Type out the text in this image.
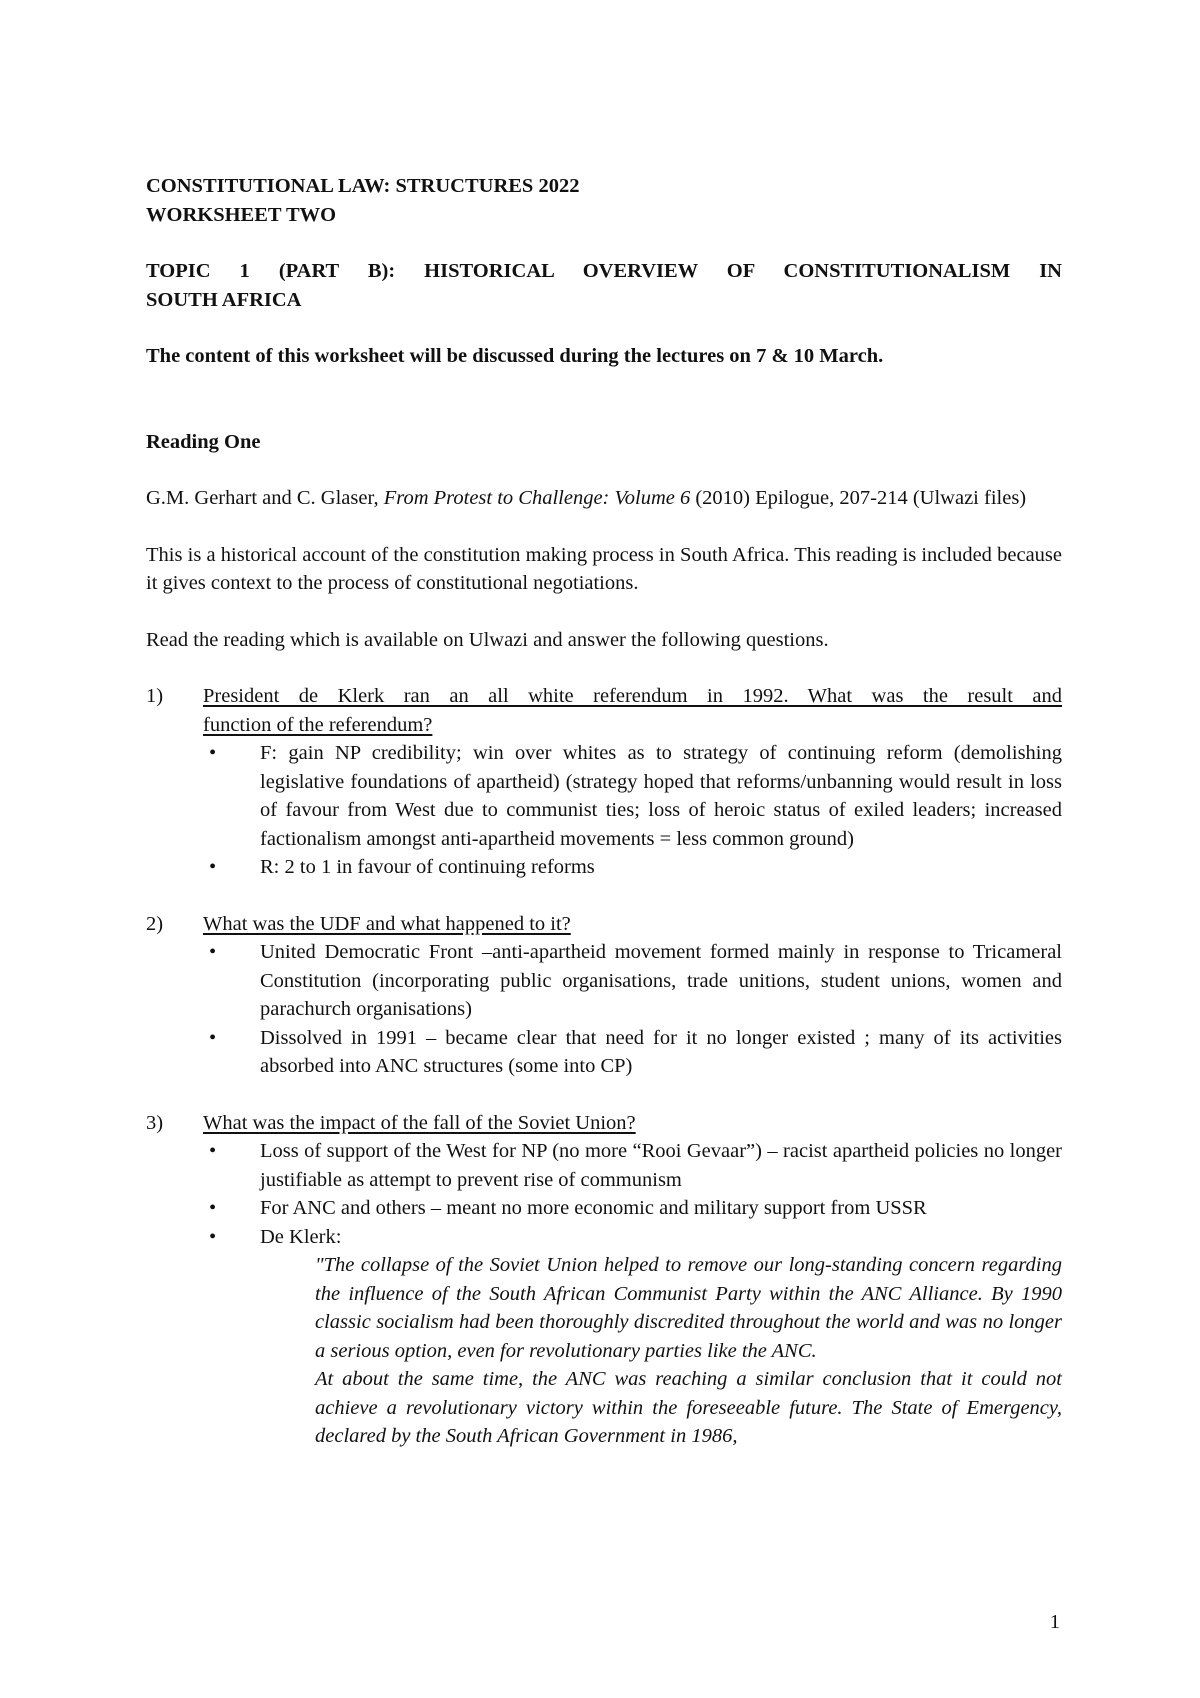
CONSTITUTIONAL LAW: STRUCTURES 2022

WORKSHEET TWO

TOPIC 1 (PART B): HISTORICAL OVERVIEW OF CONSTITUTIONALISM IN

SOUTH AFRICA

The content of this worksheet will be discussed during the lectures on 7 & 10 March.

Reading One

G.M. Gerhart and C. Glaser, From Protest to Challenge: Volume 6 (2010) Epilogue, 207-214 (Ulwazi files)

This is a historical account of the constitution making process in South Africa. This reading is included because it gives context to the process of constitutional negotiations.

Read the reading which is available on Ulwazi and answer the following questions.

1)	President de Klerk ran an all white referendum in 1992. What was the result and
function of the referendum?
•	F: gain NP credibility; win over whites as to strategy of continuing reform (demolishing legislative foundations of apartheid) (strategy hoped that reforms/unbanning would result in loss of favour from West due to communist ties; loss of heroic status of exiled leaders; increased factionalism amongst anti-apartheid movements = less common ground)
•	R: 2 to 1 in favour of continuing reforms
2)	What was the UDF and what happened to it?
•	United Democratic Front –anti-apartheid movement formed mainly in response to Tricameral Constitution (incorporating public organisations, trade unitions, student unions, women and parachurch organisations)
•	Dissolved in 1991 – became clear that need for it no longer existed ; many of its activities absorbed into ANC structures (some into CP)
3)	What was the impact of the fall of the Soviet Union?
•	Loss of support of the West for NP (no more “Rooi Gevaar”) – racist apartheid policies no longer justifiable as attempt to prevent rise of communism
•	For ANC and others – meant no more economic and military support from USSR
•	De Klerk:

"The collapse of the Soviet Union helped to remove our long-standing concern regarding the influence of the South African Communist Party within the ANC Alliance. By 1990 classic socialism had been thoroughly discredited throughout the world and was no longer a serious option, even for revolutionary parties like the ANC.

At about the same time, the ANC was reaching a similar conclusion that it could not achieve a revolutionary victory within the foreseeable future. The State of Emergency, declared by the South African Government in 1986,

1
